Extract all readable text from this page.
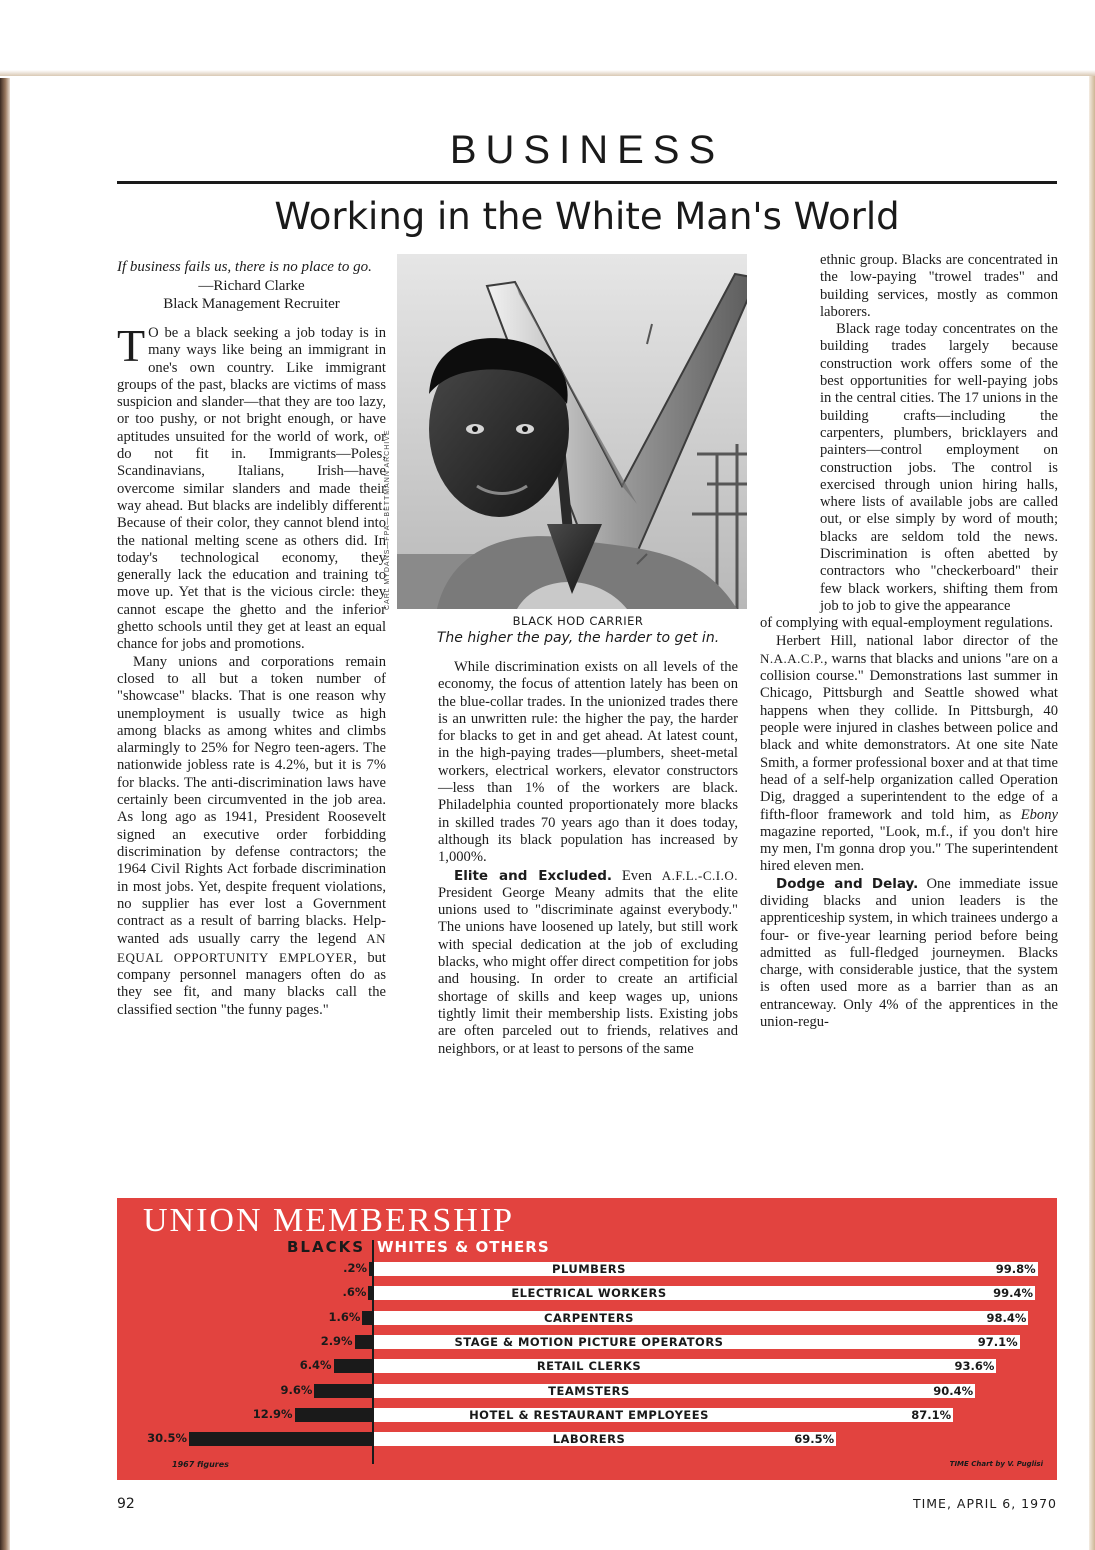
BUSINESS
Working in the White Man's World
If business fails us, there is no place to go.
—Richard Clarke
Black Management Recruiter

T O be a black seeking a job today is in many ways like being an immigrant in one's own country. Like immigrant groups of the past, blacks are victims of mass suspicion and slander—that they are too lazy, or too pushy, or not bright enough, or have aptitudes unsuited for the world of work, or do not fit in. Immigrants—Poles, Scandinavians, Italians, Irish—have overcome similar slanders and made their way ahead. But blacks are indelibly different. Because of their color, they cannot blend into the national melting scene as others did. In today's technological economy, they generally lack the education and training to move up. Yet that is the vicious circle: they cannot escape the ghetto and the inferior ghetto schools until they get at least an equal chance for jobs and promotions.

Many unions and corporations remain closed to all but a token number of "showcase" blacks. That is one reason why unemployment is usually twice as high among blacks as among whites and climbs alarmingly to 25% for Negro teen-agers. The nationwide jobless rate is 4.2%, but it is 7% for blacks. The anti-discrimination laws have certainly been circumvented in the job area. As long ago as 1941, President Roosevelt signed an executive order forbidding discrimination by defense contractors; the 1964 Civil Rights Act forbade discrimination in most jobs. Yet, despite frequent violations, no supplier has ever lost a Government contract as a result of barring blacks. Help-wanted ads usually carry the legend AN EQUAL OPPORTUNITY EMPLOYER, but company personnel managers often do as they see fit, and many blacks call the classified section "the funny pages."

CARL MYDANS—FPA—BETTMANN ARCHIVE
BLACK HOD CARRIER
The higher the pay, the harder to get in.

While discrimination exists on all levels of the economy, the focus of attention lately has been on the blue-collar trades. In the unionized trades there is an unwritten rule: the higher the pay, the harder for blacks to get in and get ahead. At latest count, in the high-paying trades—plumbers, sheet-metal workers, electrical workers, elevator constructors—less than 1% of the workers are black. Philadelphia counted proportionately more blacks in skilled trades 70 years ago than it does today, although its black population has increased by 1,000%.

Elite and Excluded. Even A.F.L.-C.I.O. President George Meany admits that the elite unions used to "discriminate against everybody." The unions have loosened up lately, but still work with special dedication at the job of excluding blacks, who might offer direct competition for jobs and housing. In order to create an artificial shortage of skills and keep wages up, unions tightly limit their membership lists. Existing jobs are often parceled out to friends, relatives and neighbors, or at least to persons of the same

ethnic group. Blacks are concentrated in the low-paying "trowel trades" and building services, mostly as common laborers.

Black rage today concentrates on the building trades largely because construction work offers some of the best opportunities for well-paying jobs in the central cities. The 17 unions in the building crafts—including the carpenters, plumbers, bricklayers and painters—control employment on construction jobs. The control is exercised through union hiring halls, where lists of available jobs are called out, or else simply by word of mouth; blacks are seldom told the news. Discrimination is often abetted by contractors who "checkerboard" their few black workers, shifting them from job to job to give the appearance

of complying with equal-employment regulations.

Herbert Hill, national labor director of the N.A.A.C.P., warns that blacks and unions "are on a collision course." Demonstrations last summer in Chicago, Pittsburgh and Seattle showed what happens when they collide. In Pittsburgh, 40 people were injured in clashes between police and black and white demonstrators. At one site Nate Smith, a former professional boxer and at that time head of a self-help organization called Operation Dig, dragged a superintendent to the edge of a fifth-floor framework and told him, as Ebony magazine reported, "Look, m.f., if you don't hire my men, I'm gonna drop you." The superintendent hired eleven men.

Dodge and Delay. One immediate issue dividing blacks and union leaders is the apprenticeship system, in which trainees undergo a four- or five-year learning period before being admitted as full-fledged journeymen. Blacks charge, with considerable justice, that the system is often used more as a barrier than as an entranceway. Only 4% of the apprentices in the union-regu-

UNION MEMBERSHIP
BLACKS WHITES & OTHERS
.2%	PLUMBERS	99.8%
.6%	ELECTRICAL WORKERS	99.4%
1.6%	CARPENTERS	98.4%
2.9%	STAGE & MOTION PICTURE OPERATORS	97.1%
6.4%	RETAIL CLERKS	93.6%
9.6%	TEAMSTERS	90.4%
12.9%	HOTEL & RESTAURANT EMPLOYEES	87.1%
30.5%	LABORERS	69.5%
1967 figures	TIME Chart by V. Puglisi
92	TIME, APRIL 6, 1970
